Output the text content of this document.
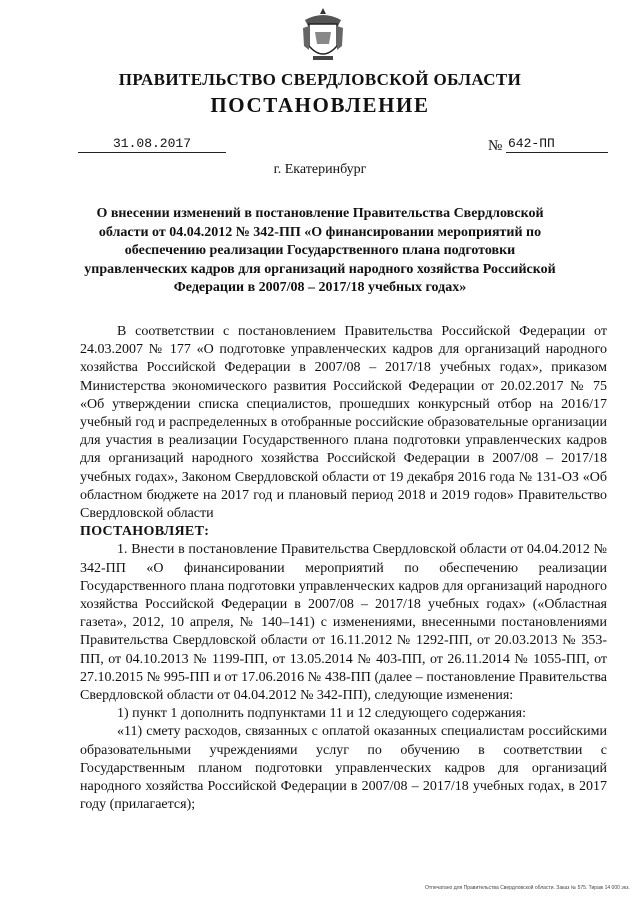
ПРАВИТЕЛЬСТВО СВЕРДЛОВСКОЙ ОБЛАСТИ
ПОСТАНОВЛЕНИЕ
31.08.2017	№ 642-ПП
г. Екатеринбург
О внесении изменений в постановление Правительства Свердловской области от 04.04.2012 № 342-ПП «О финансировании мероприятий по обеспечению реализации Государственного плана подготовки управленческих кадров для организаций народного хозяйства Российской Федерации в 2007/08 – 2017/18 учебных годах»

В соответствии с постановлением Правительства Российской Федерации от 24.03.2007 № 177 «О подготовке управленческих кадров для организаций народного хозяйства Российской Федерации в 2007/08 – 2017/18 учебных годах», приказом Министерства экономического развития Российской Федерации от 20.02.2017 № 75 «Об утверждении списка специалистов, прошедших конкурсный отбор на 2016/17 учебный год и распределенных в отобранные российские образовательные организации для участия в реализации Государственного плана подготовки управленческих кадров для организаций народного хозяйства Российской Федерации в 2007/08 – 2017/18 учебных годах», Законом Свердловской области от 19 декабря 2016 года № 131-ОЗ «Об областном бюджете на 2017 год и плановый период 2018 и 2019 годов» Правительство Свердловской области

ПОСТАНОВЛЯЕТ:

1. Внести в постановление Правительства Свердловской области от 04.04.2012 № 342-ПП «О финансировании мероприятий по обеспечению реализации Государственного плана подготовки управленческих кадров для организаций народного хозяйства Российской Федерации в 2007/08 – 2017/18 учебных годах» («Областная газета», 2012, 10 апреля, № 140–141) с изменениями, внесенными постановлениями Правительства Свердловской области от 16.11.2012 № 1292-ПП, от 20.03.2013 № 353-ПП, от 04.10.2013 № 1199-ПП, от 13.05.2014 № 403-ПП, от 26.11.2014 № 1055-ПП, от 27.10.2015 № 995-ПП и от 17.06.2016 № 438-ПП (далее – постановление Правительства Свердловской области от 04.04.2012 № 342-ПП), следующие изменения:

1) пункт 1 дополнить подпунктами 11 и 12 следующего содержания:

«11) смету расходов, связанных с оплатой оказанных специалистам российскими образовательными учреждениями услуг по обучению в соответствии с Государственным планом подготовки управленческих кадров для организаций народного хозяйства Российской Федерации в 2007/08 – 2017/18 учебных годах, в 2017 году (прилагается);

Отпечатано для Правительства Свердловской области. Заказ № 575. Тираж 14 000 экз.
